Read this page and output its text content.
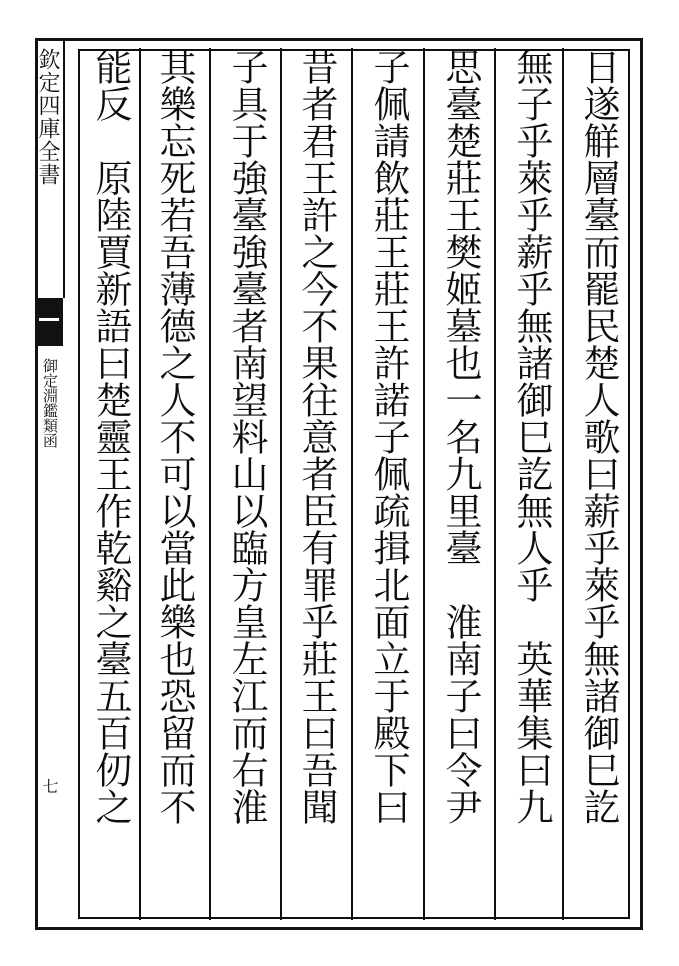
欽定四庫全書
御定淵鑑類函
七	日遂觧層臺而罷民楚人歌曰薪乎萊乎無諸御巳訖
無子乎萊乎薪乎無諸御巳訖無人乎　英華集曰九
思臺楚莊王樊姬墓也一名九里臺　淮南子曰令尹
子佩請飲莊王莊王許諾子佩疏揖北面立于殿下曰
昔者君王許之今不果往意者臣有罪乎莊王曰吾聞
子具于強臺強臺者南望料山以臨方皇左江而右淮
其樂忘死若吾薄德之人不可以當此樂也恐留而不
能反　原陸賈新語曰楚靈王作乾谿之臺五百仞之
